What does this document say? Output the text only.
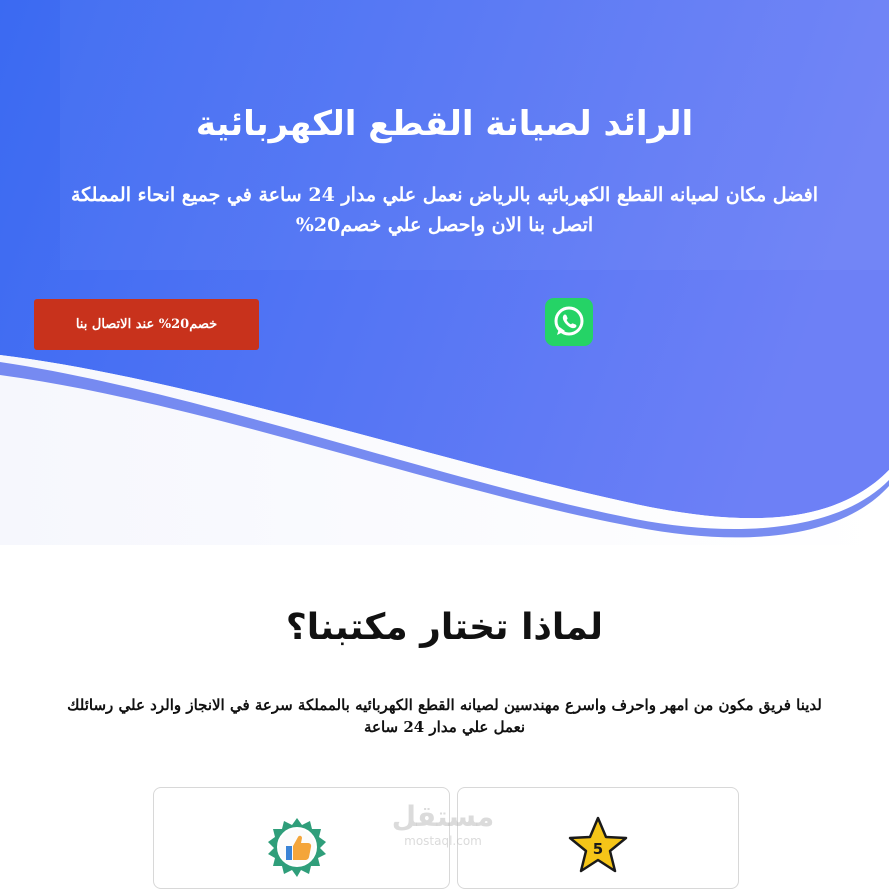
الرائد لصيانة القطع الكهربائية
افضل مكان لصيانه القطع الكهربائيه بالرياض نعمل علي مدار 24 ساعة في جميع انحاء المملكة
اتصل بنا الان واحصل علي خصم20%
خصم20% عند الاتصال بنا
لماذا تختار مكتبنا؟
لدينا فريق مكون من امهر واحرف واسرع مهندسين لصيانه القطع الكهربائيه بالمملكة سرعة في الانجاز والرد علي رسائلك
نعمل علي مدار 24 ساعة
5
مستقل
mostaql.com
